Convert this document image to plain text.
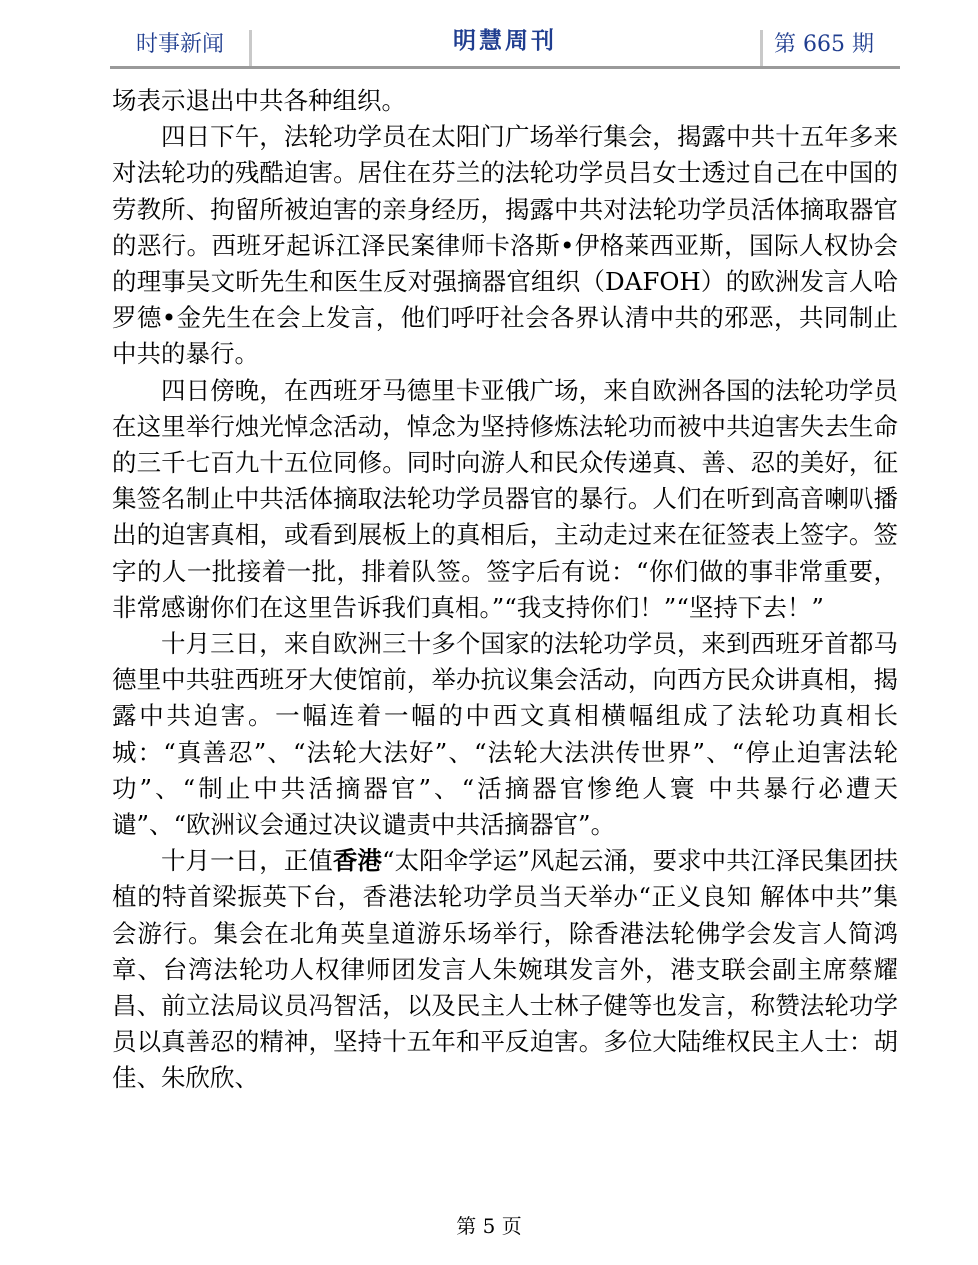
时事新闻	明慧周刊	第 665 期

场表示退出中共各种组织。

四日下午，法轮功学员在太阳门广场举行集会，揭露中共十五年多来对法轮功的残酷迫害。居住在芬兰的法轮功学员吕女士透过自己在中国的劳教所、拘留所被迫害的亲身经历，揭露中共对法轮功学员活体摘取器官的恶行。西班牙起诉江泽民案律师卡洛斯•伊格莱西亚斯，国际人权协会的理事吴文昕先生和医生反对强摘器官组织（DAFOH）的欧洲发言人哈罗德•金先生在会上发言，他们呼吁社会各界认清中共的邪恶，共同制止中共的暴行。

四日傍晚，在西班牙马德里卡亚俄广场，来自欧洲各国的法轮功学员在这里举行烛光悼念活动，悼念为坚持修炼法轮功而被中共迫害失去生命的三千七百九十五位同修。同时向游人和民众传递真、善、忍的美好，征集签名制止中共活体摘取法轮功学员器官的暴行。人们在听到高音喇叭播出的迫害真相，或看到展板上的真相后，主动走过来在征签表上签字。签字的人一批接着一批，排着队签。签字后有说：“你们做的事非常重要，非常感谢你们在这里告诉我们真相。”“我支持你们！”“坚持下去！”

十月三日，来自欧洲三十多个国家的法轮功学员，来到西班牙首都马德里中共驻西班牙大使馆前，举办抗议集会活动，向西方民众讲真相，揭露中共迫害。一幅连着一幅的中西文真相横幅组成了法轮功真相长城：“真善忍”、“法轮大法好”、“法轮大法洪传世界”、“停止迫害法轮功”、“制止中共活摘器官”、“活摘器官惨绝人寰 中共暴行必遭天谴”、“欧洲议会通过决议谴责中共活摘器官”。

十月一日，正值香港“太阳伞学运”风起云涌，要求中共江泽民集团扶植的特首梁振英下台，香港法轮功学员当天举办“正义良知 解体中共”集会游行。集会在北角英皇道游乐场举行，除香港法轮佛学会发言人简鸿章、台湾法轮功人权律师团发言人朱婉琪发言外，港支联会副主席蔡耀昌、前立法局议员冯智活，以及民主人士林子健等也发言，称赞法轮功学员以真善忍的精神，坚持十五年和平反迫害。多位大陆维权民主人士：胡佳、朱欣欣、

第 5 页
